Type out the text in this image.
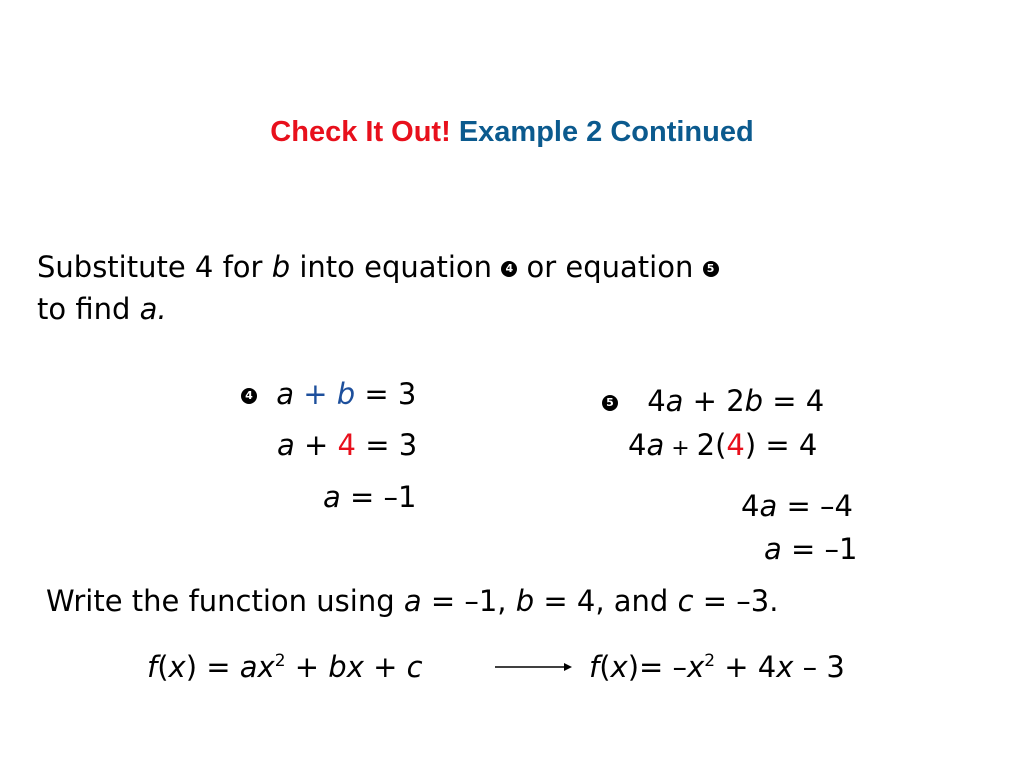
Check It Out! Example 2 Continued
Substitute 4 for b into equation 4 or equation 5
to find a.
4 a + b = 3
a + 4 = 3
a = –1
5 4a + 2b = 4
4a + 2(4) = 4
4a = –4
a = –1
Write the function using a = –1, b = 4, and c = –3.
$f(x) = ax^2$ + bx + c	$f(x)= -x^2 + 4x - 3$
